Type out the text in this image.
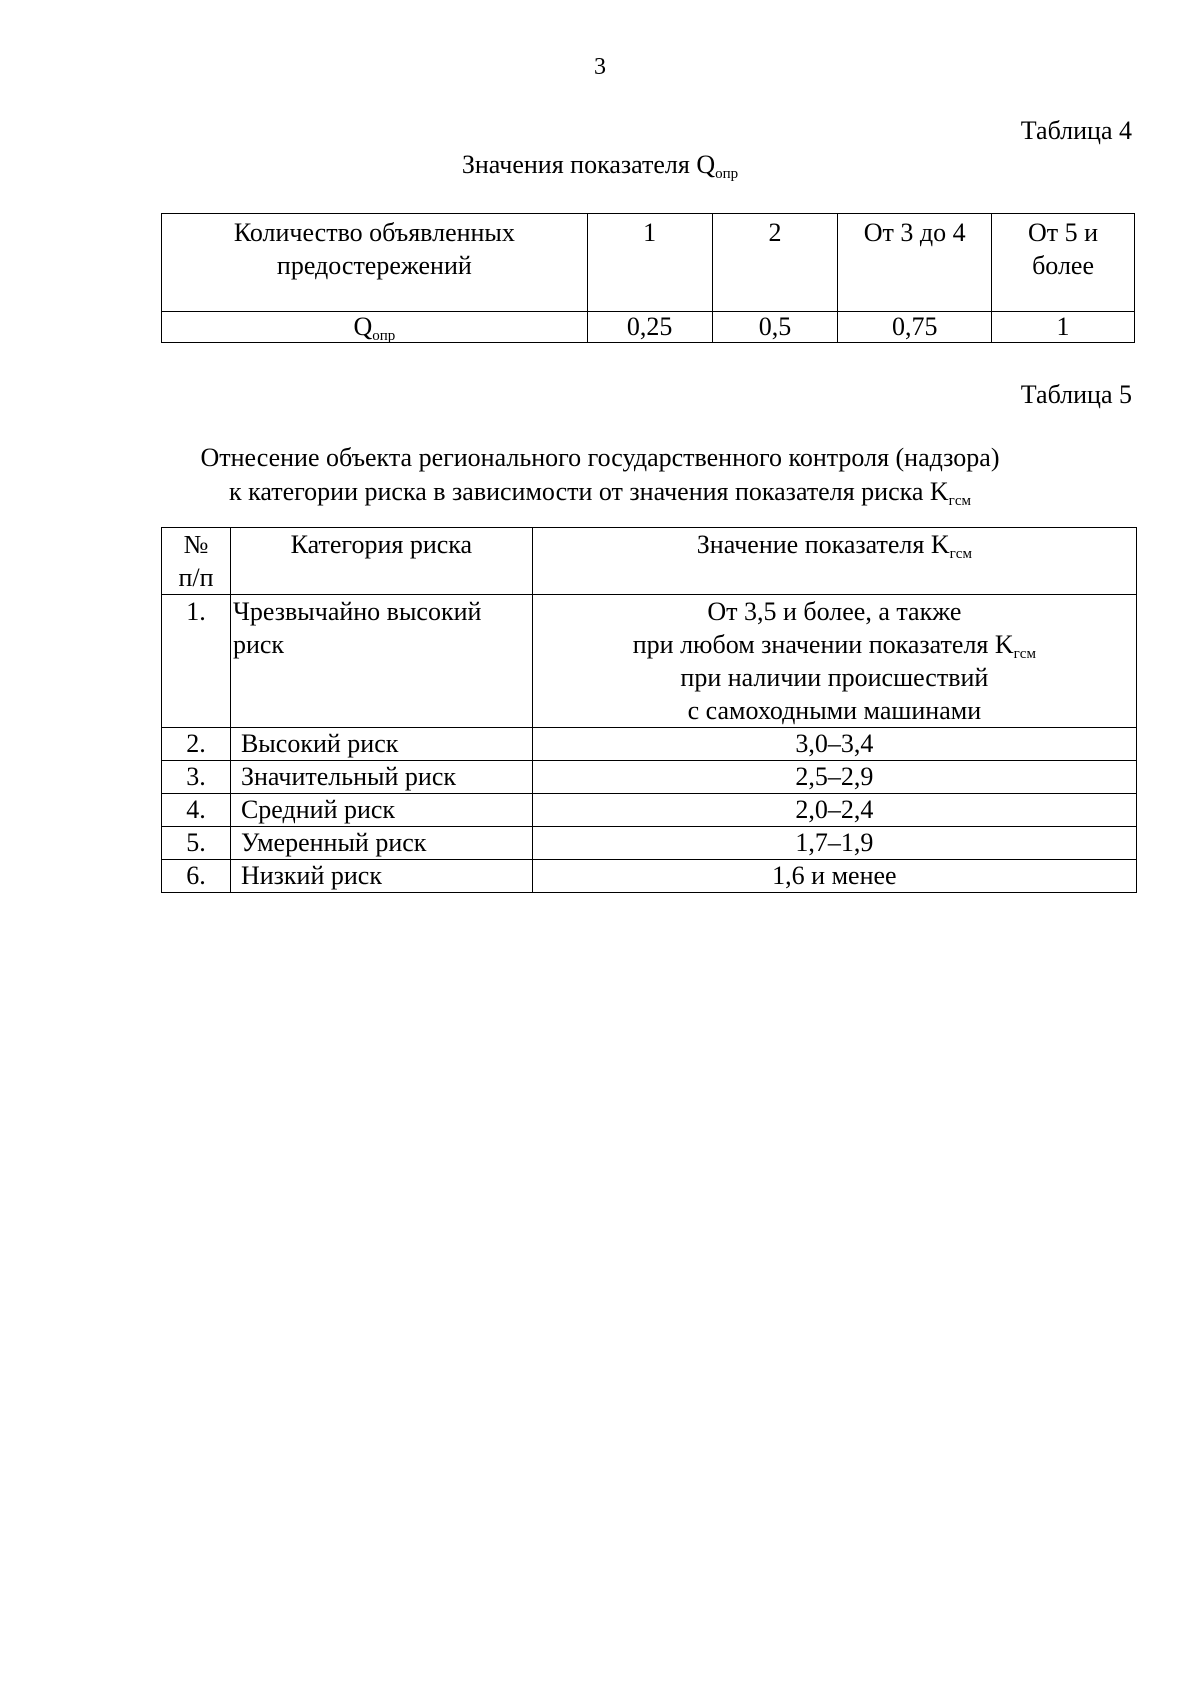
3
Таблица 4
Значения показателя $Q_{опр}$
Количество объявленных предостережений	1	2	От 3 до 4	От 5 и более

$Q_{опр}$	0,25	0,5	0,75	1
Таблица 5
Отнесение объекта регионального государственного контроля (надзора)
к категории риска в зависимости от значения показателя риска $K_{гсм}$
№ п/п	Категория риска	Значение показателя $K_{гсм}$
1.	Чрезвычайно высокий риск	От 3,5 и более, а также
при любом значении показателя $K_{гсм}$
при наличии происшествий
с самоходными машинами

2.	Высокий риск	3,0–3,4
3.	Значительный риск	2,5–2,9
4.	Средний риск	2,0–2,4
5.	Умеренный риск	1,7–1,9
6.	Низкий риск	1,6 и менее
